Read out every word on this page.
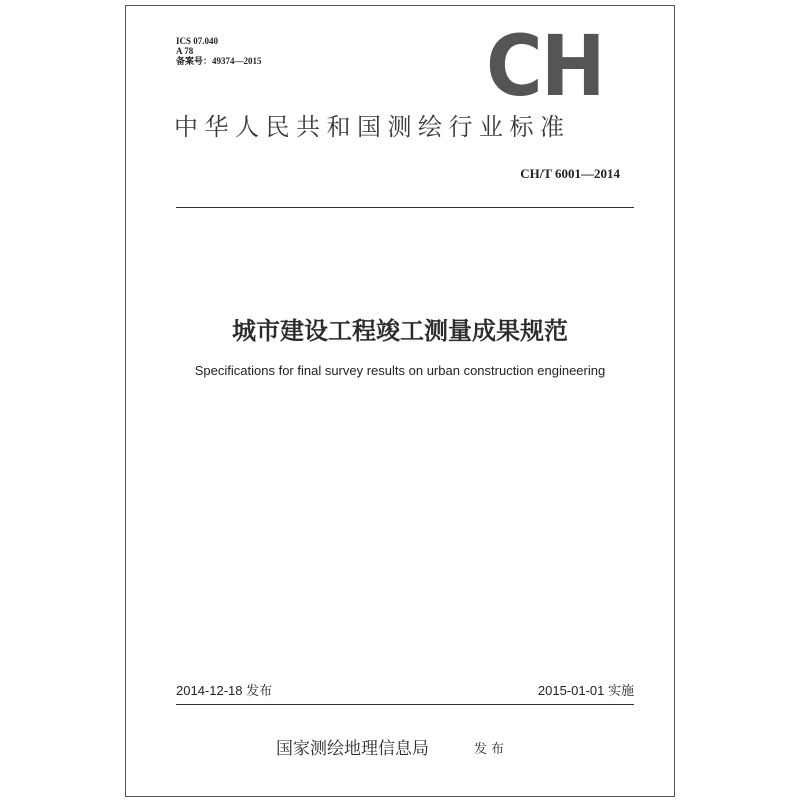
ICS 07.040
A 78
备案号：49374—2015	CH
中华人民共和国测绘行业标准
CH/T 6001—2014
城市建设工程竣工测量成果规范
Specifications for final survey results on urban construction engineering
2014-12-18 发布	2015-01-01 实施
国家测绘地理信息局	发布
